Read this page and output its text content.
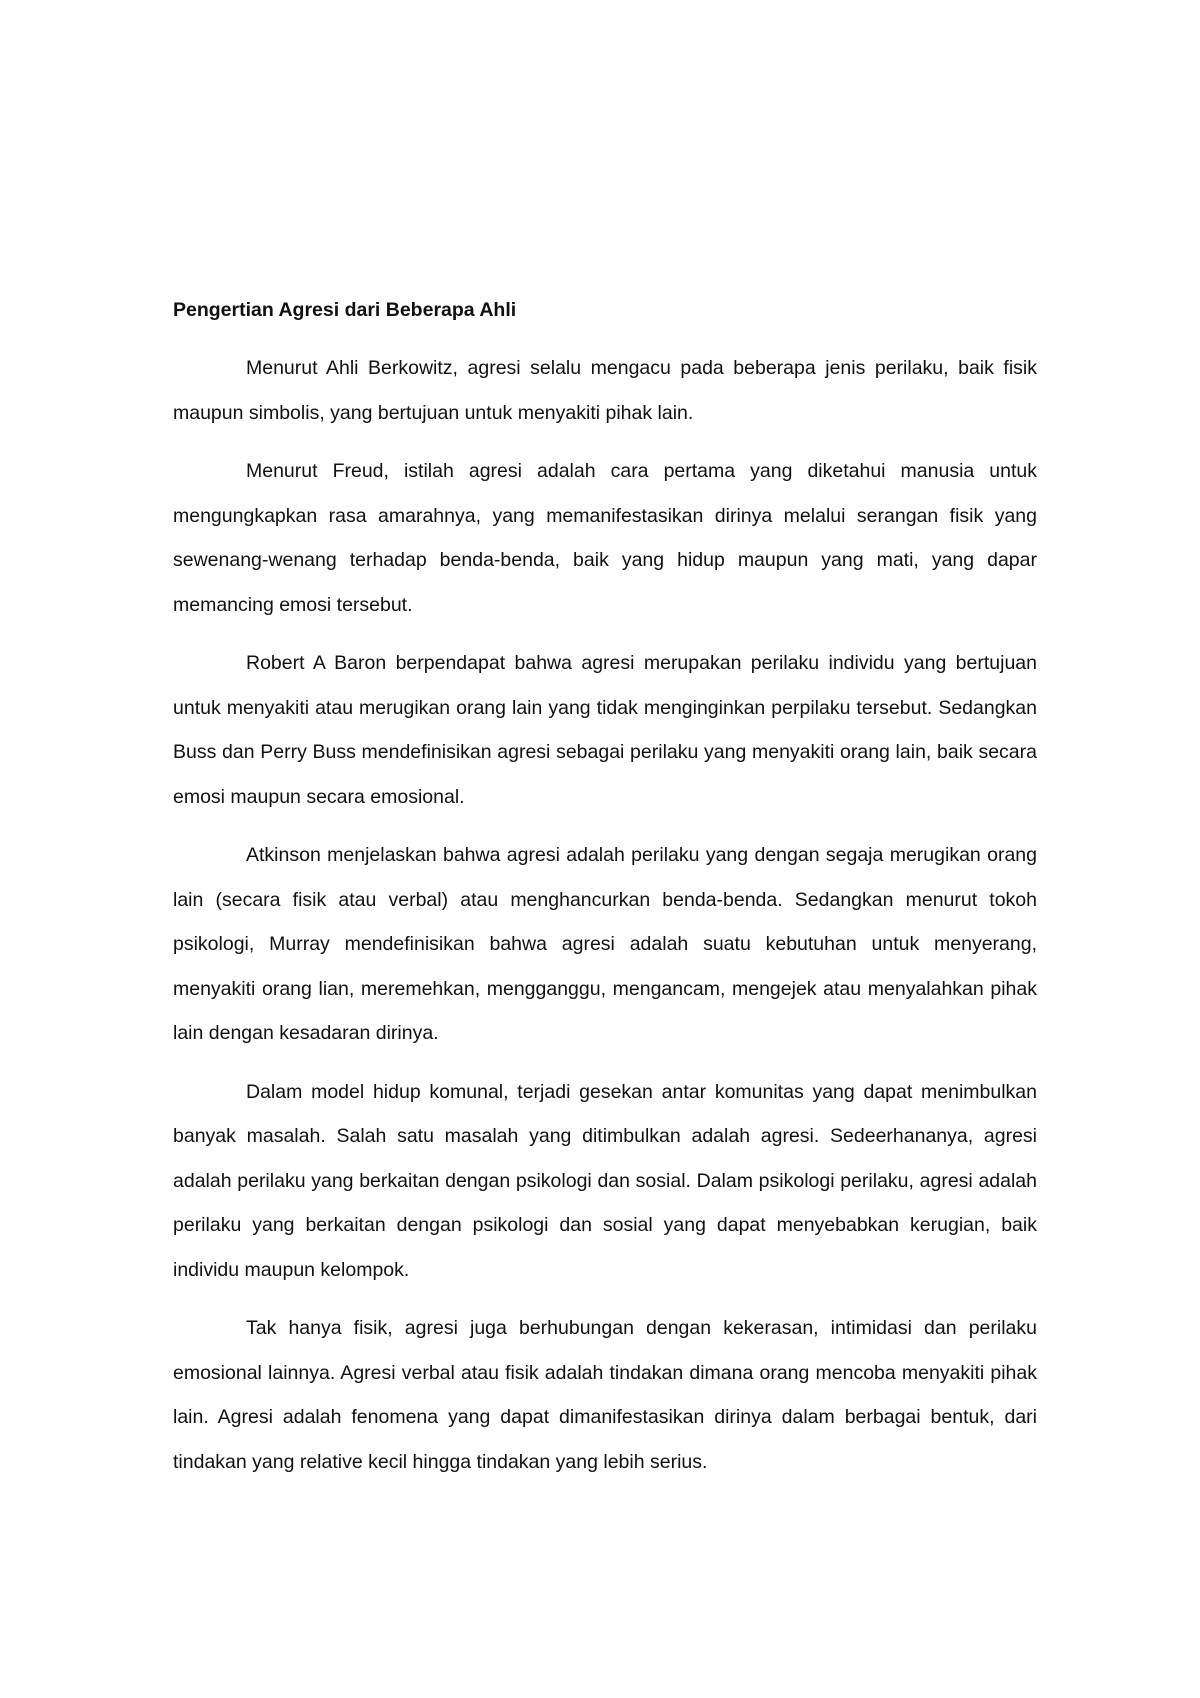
Pengertian Agresi dari Beberapa Ahli

Menurut Ahli Berkowitz, agresi selalu mengacu pada beberapa jenis perilaku, baik fisik maupun simbolis, yang bertujuan untuk menyakiti pihak lain.

Menurut Freud, istilah agresi adalah cara pertama yang diketahui manusia untuk mengungkapkan rasa amarahnya, yang memanifestasikan dirinya melalui serangan fisik yang sewenang-wenang terhadap benda-benda, baik yang hidup maupun yang mati, yang dapar memancing emosi tersebut.

Robert A Baron berpendapat bahwa agresi merupakan perilaku individu yang bertujuan untuk menyakiti atau merugikan orang lain yang tidak menginginkan perpilaku tersebut. Sedangkan Buss dan Perry Buss mendefinisikan agresi sebagai perilaku yang menyakiti orang lain, baik secara emosi maupun secara emosional.

Atkinson menjelaskan bahwa agresi adalah perilaku yang dengan segaja merugikan orang lain (secara fisik atau verbal) atau menghancurkan benda-benda. Sedangkan menurut tokoh psikologi, Murray mendefinisikan bahwa agresi adalah suatu kebutuhan untuk menyerang, menyakiti orang lian, meremehkan, mengganggu, mengancam, mengejek atau menyalahkan pihak lain dengan kesadaran dirinya.

Dalam model hidup komunal, terjadi gesekan antar komunitas yang dapat menimbulkan banyak masalah. Salah satu masalah yang ditimbulkan adalah agresi. Sedeerhananya, agresi adalah perilaku yang berkaitan dengan psikologi dan sosial. Dalam psikologi perilaku, agresi adalah perilaku yang berkaitan dengan psikologi dan sosial yang dapat menyebabkan kerugian, baik individu maupun kelompok.

Tak hanya fisik, agresi juga berhubungan dengan kekerasan, intimidasi dan perilaku emosional lainnya. Agresi verbal atau fisik adalah tindakan dimana orang mencoba menyakiti pihak lain. Agresi adalah fenomena yang dapat dimanifestasikan dirinya dalam berbagai bentuk, dari tindakan yang relative kecil hingga tindakan yang lebih serius.
